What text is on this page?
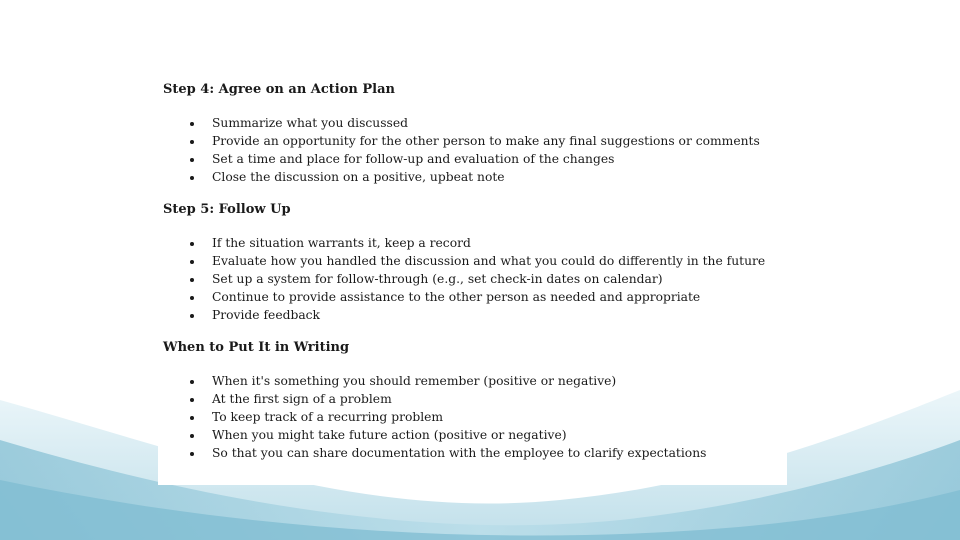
Step 4: Agree on an Action Plan

Summarize what you discussed
Provide an opportunity for the other person to make any final suggestions or comments
Set a time and place for follow-up and evaluation of the changes
Close the discussion on a positive, upbeat note

Step 5: Follow Up

If the situation warrants it, keep a record
Evaluate how you handled the discussion and what you could do differently in the future
Set up a system for follow-through (e.g., set check-in dates on calendar)
Continue to provide assistance to the other person as needed and appropriate
Provide feedback

When to Put It in Writing

When it's something you should remember (positive or negative)
At the first sign of a problem
To keep track of a recurring problem
When you might take future action (positive or negative)
So that you can share documentation with the employee to clarify expectations
